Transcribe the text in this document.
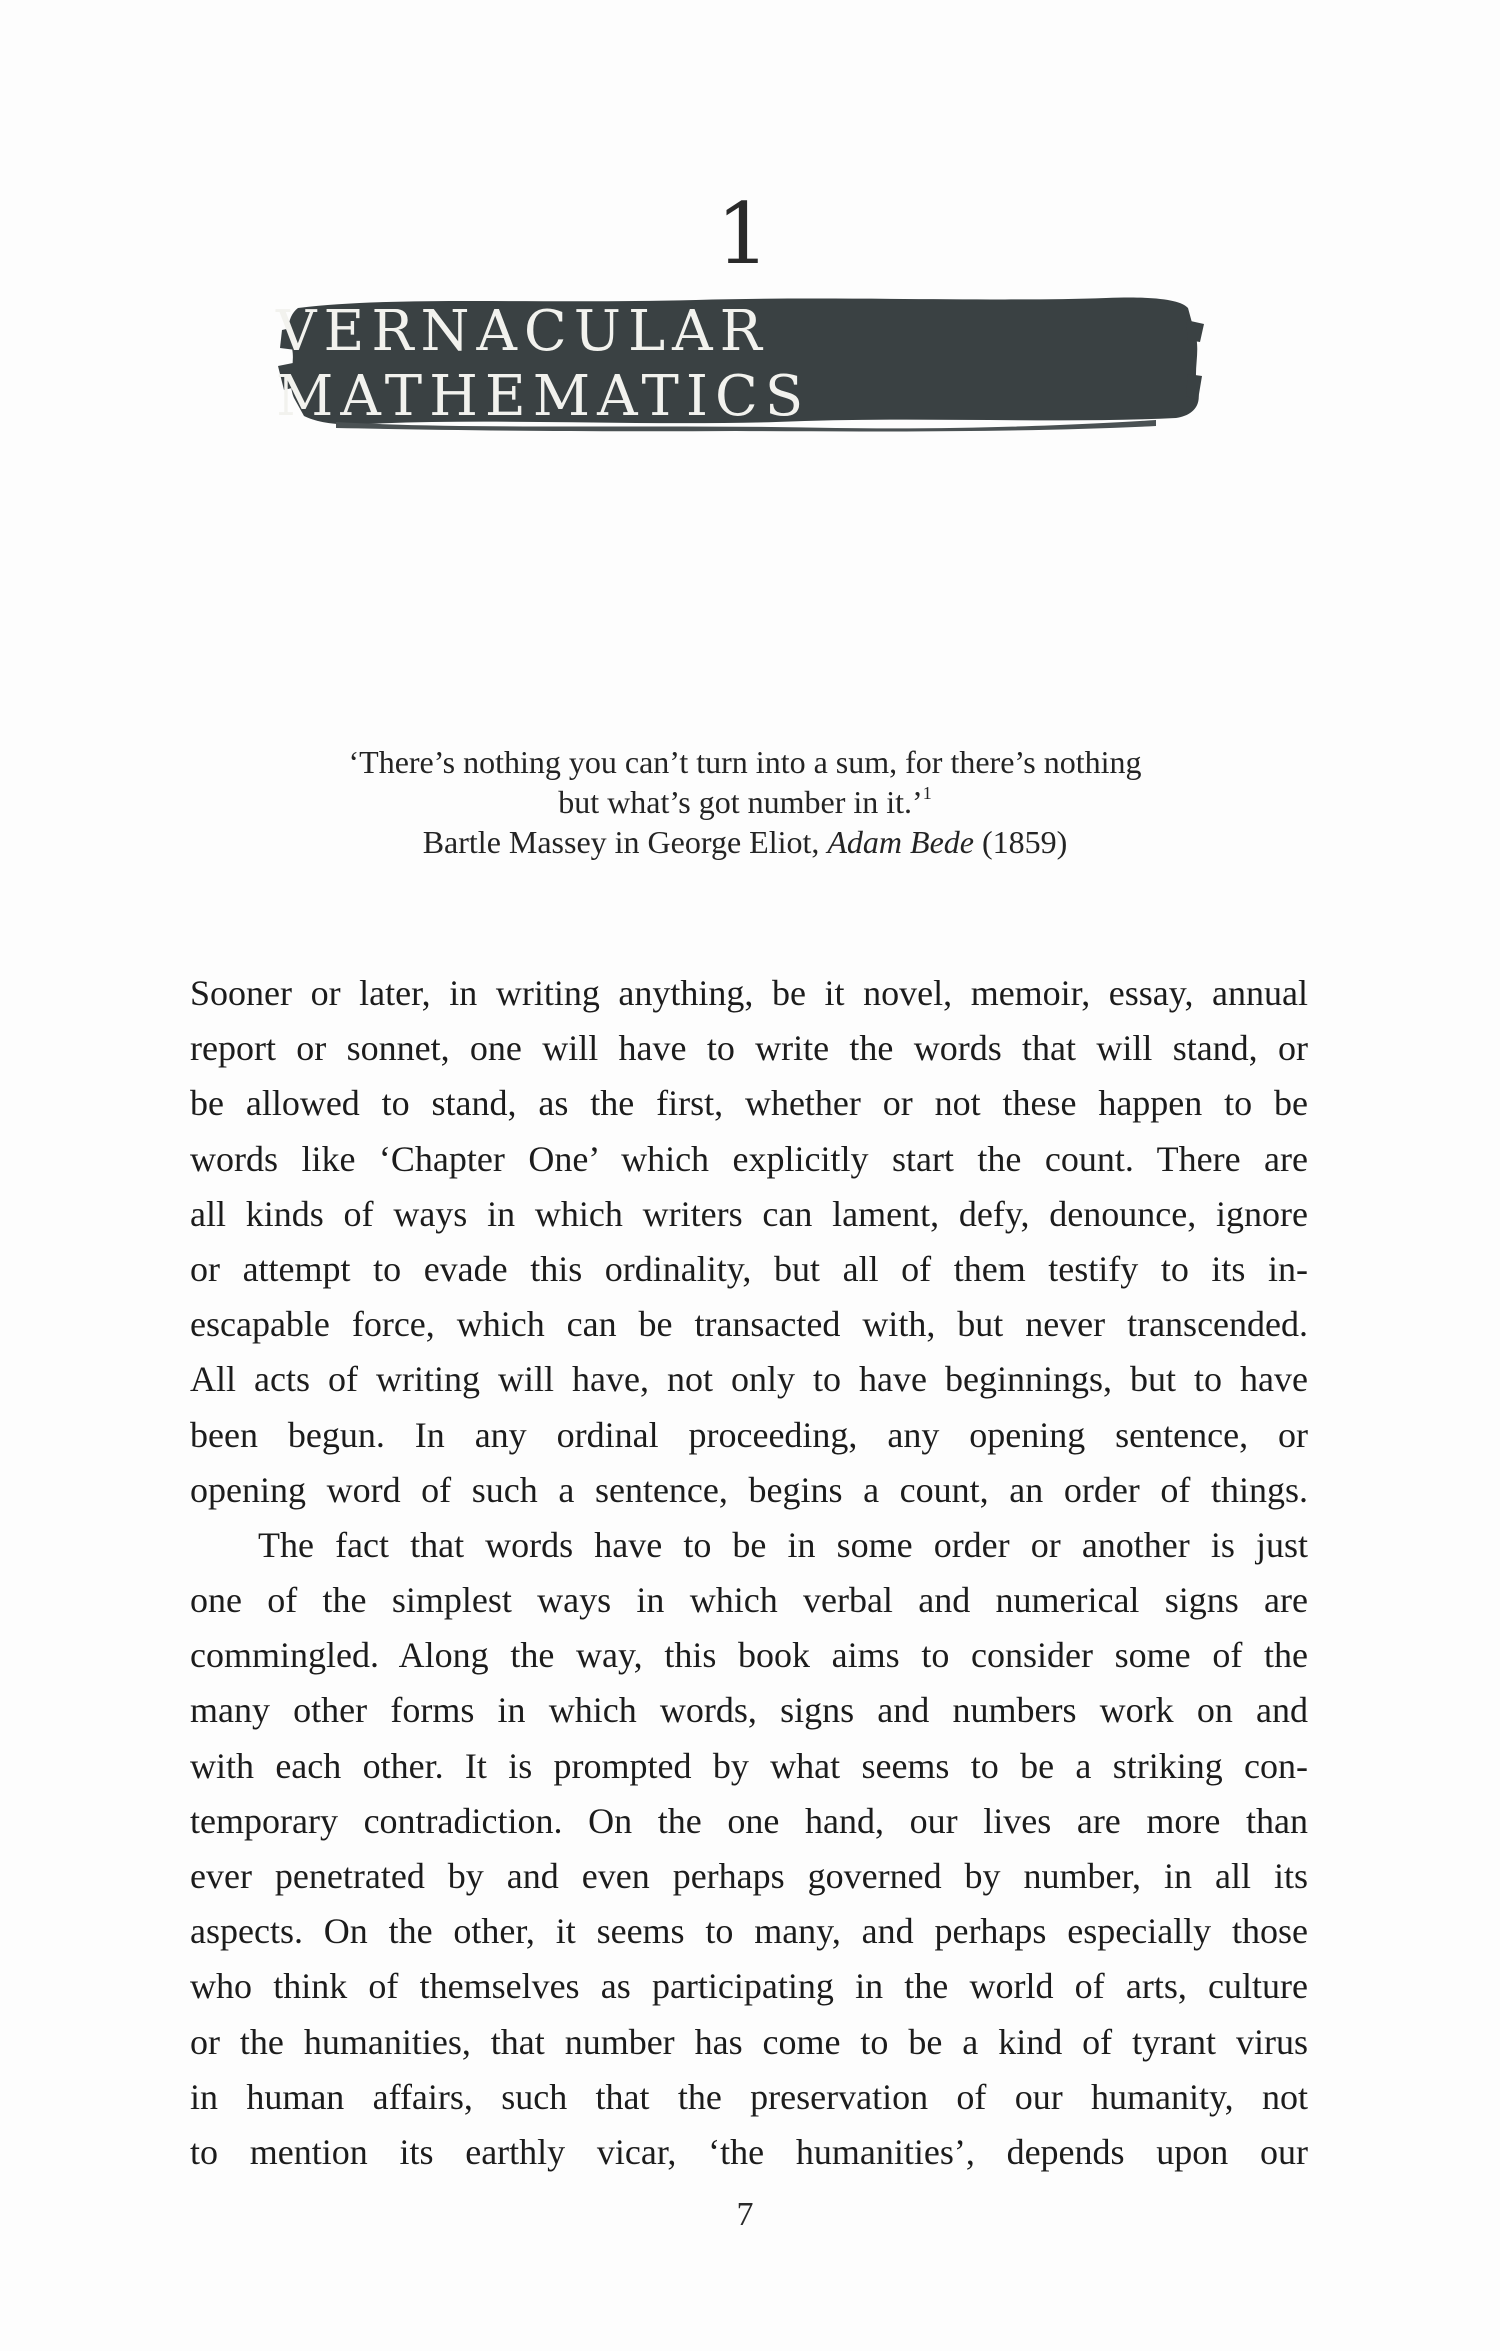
1
VERNACULAR MATHEMATICS
‘There’s nothing you can’t turn into a sum, for there’s nothing
but what’s got number in it.’$^1$
Bartle Massey in George Eliot, Adam Bede (1859)
Sooner or later, in writing anything, be it novel, memoir, essay, annual
report or sonnet, one will have to write the words that will stand, or
be allowed to stand, as the first, whether or not these happen to be
words like ‘Chapter One’ which explicitly start the count. There are
all kinds of ways in which writers can lament, defy, denounce, ignore
or attempt to evade this ordinality, but all of them testify to its in-
escapable force, which can be transacted with, but never transcended.
All acts of writing will have, not only to have beginnings, but to have
been begun. In any ordinal proceeding, any opening sentence, or
opening word of such a sentence, begins a count, an order of things.
The fact that words have to be in some order or another is just
one of the simplest ways in which verbal and numerical signs are
commingled. Along the way, this book aims to consider some of the
many other forms in which words, signs and numbers work on and
with each other. It is prompted by what seems to be a striking con-
temporary contradiction. On the one hand, our lives are more than
ever penetrated by and even perhaps governed by number, in all its
aspects. On the other, it seems to many, and perhaps especially those
who think of themselves as participating in the world of arts, culture
or the humanities, that number has come to be a kind of tyrant virus
in human affairs, such that the preservation of our humanity, not
to mention its earthly vicar, ‘the humanities’, depends upon our
7
